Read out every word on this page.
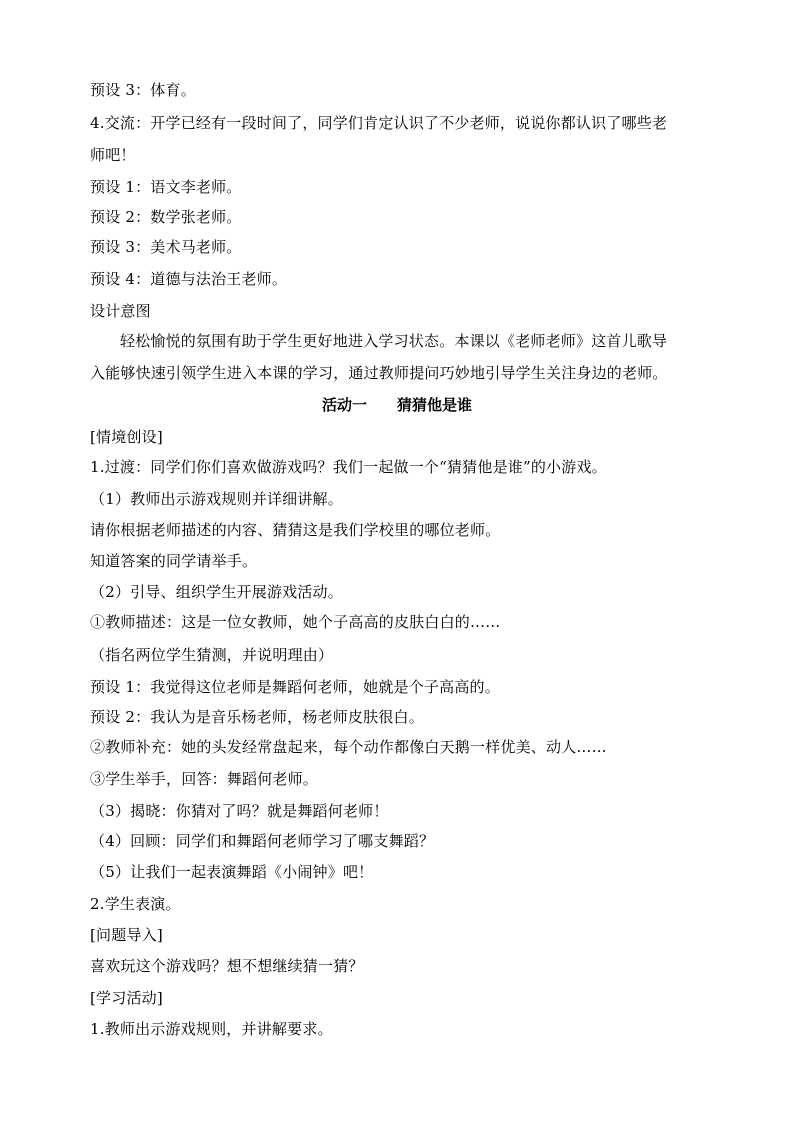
预设 3：体育。
4.交流：开学已经有一段时间了，同学们肯定认识了不少老师，说说你都认识了哪些老
师吧！
预设 1：语文李老师。
预设 2：数学张老师。
预设 3：美术马老师。
预设 4：道德与法治王老师。
设计意图
轻松愉悦的氛围有助于学生更好地进入学习状态。本课以《老师老师》这首儿歌导
入能够快速引领学生进入本课的学习，通过教师提问巧妙地引导学生关注身边的老师。
活动一　　猜猜他是谁
[情境创设]
1.过渡：同学们你们喜欢做游戏吗？我们一起做一个“猜猜他是谁”的小游戏。
（1）教师出示游戏规则并详细讲解。
请你根据老师描述的内容、猜猜这是我们学校里的哪位老师。
知道答案的同学请举手。
（2）引导、组织学生开展游戏活动。
①教师描述：这是一位女教师，她个子高高的皮肤白白的……
（指名两位学生猜测，并说明理由）
预设 1：我觉得这位老师是舞蹈何老师，她就是个子高高的。
预设 2：我认为是音乐杨老师，杨老师皮肤很白。
②教师补充：她的头发经常盘起来，每个动作都像白天鹅一样优美、动人……
③学生举手，回答：舞蹈何老师。
（3）揭晓：你猜对了吗？就是舞蹈何老师！
（4）回顾：同学们和舞蹈何老师学习了哪支舞蹈？
（5）让我们一起表演舞蹈《小闹钟》吧！
2.学生表演。
[问题导入]
喜欢玩这个游戏吗？想不想继续猜一猜？
[学习活动]
1.教师出示游戏规则，并讲解要求。
